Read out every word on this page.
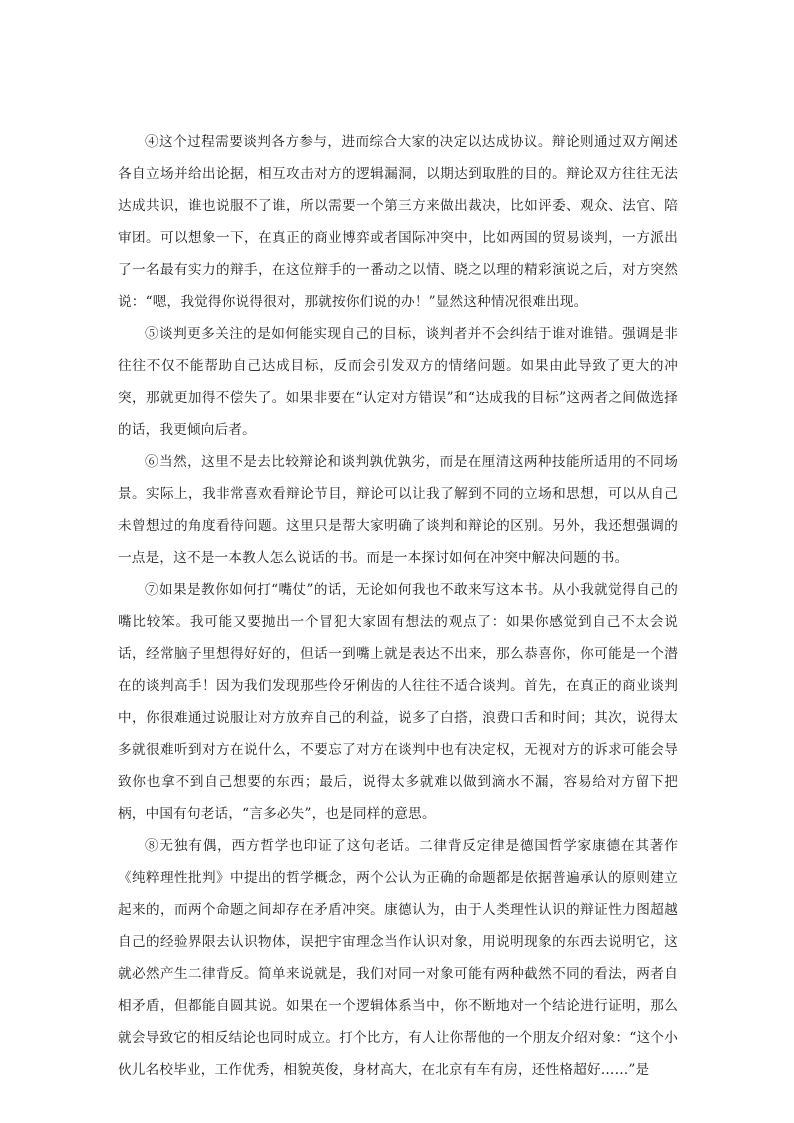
④这个过程需要谈判各方参与，进而综合大家的决定以达成协议。辩论则通过双方阐述各自立场并给出论据，相互攻击对方的逻辑漏洞，以期达到取胜的目的。辩论双方往往无法达成共识，谁也说服不了谁，所以需要一个第三方来做出裁决，比如评委、观众、法官、陪审团。可以想象一下，在真正的商业博弈或者国际冲突中，比如两国的贸易谈判，一方派出了一名最有实力的辩手，在这位辩手的一番动之以情、晓之以理的精彩演说之后，对方突然说：“嗯，我觉得你说得很对，那就按你们说的办！”显然这种情况很难出现。

⑤谈判更多关注的是如何能实现自己的目标，谈判者并不会纠结于谁对谁错。强调是非往往不仅不能帮助自己达成目标，反而会引发双方的情绪问题。如果由此导致了更大的冲突，那就更加得不偿失了。如果非要在“认定对方错误”和“达成我的目标”这两者之间做选择的话，我更倾向后者。

⑥当然，这里不是去比较辩论和谈判孰优孰劣，而是在厘清这两种技能所适用的不同场景。实际上，我非常喜欢看辩论节目，辩论可以让我了解到不同的立场和思想，可以从自己未曾想过的角度看待问题。这里只是帮大家明确了谈判和辩论的区别。另外，我还想强调的一点是，这不是一本教人怎么说话的书。而是一本探讨如何在冲突中解决问题的书。

⑦如果是教你如何打“嘴仗”的话，无论如何我也不敢来写这本书。从小我就觉得自己的嘴比较笨。我可能又要抛出一个冒犯大家固有想法的观点了：如果你感觉到自己不太会说话，经常脑子里想得好好的，但话一到嘴上就是表达不出来，那么恭喜你，你可能是一个潜在的谈判高手！因为我们发现那些伶牙俐齿的人往往不适合谈判。首先，在真正的商业谈判中，你很难通过说服让对方放弃自己的利益，说多了白搭，浪费口舌和时间；其次，说得太多就很难听到对方在说什么，不要忘了对方在谈判中也有决定权，无视对方的诉求可能会导致你也拿不到自己想要的东西；最后，说得太多就难以做到滴水不漏，容易给对方留下把柄，中国有句老话，“言多必失”，也是同样的意思。

⑧无独有偶，西方哲学也印证了这句老话。二律背反定律是德国哲学家康德在其著作《纯粹理性批判》中提出的哲学概念，两个公认为正确的命题都是依据普遍承认的原则建立起来的，而两个命题之间却存在矛盾冲突。康德认为，由于人类理性认识的辩证性力图超越自己的经验界限去认识物体，误把宇宙理念当作认识对象，用说明现象的东西去说明它，这就必然产生二律背反。简单来说就是，我们对同一对象可能有两种截然不同的看法，两者自相矛盾，但都能自圆其说。如果在一个逻辑体系当中，你不断地对一个结论进行证明，那么就会导致它的相反结论也同时成立。打个比方，有人让你帮他的一个朋友介绍对象：“这个小伙儿名校毕业，工作优秀，相貌英俊，身材高大，在北京有车有房，还性格超好……”是
